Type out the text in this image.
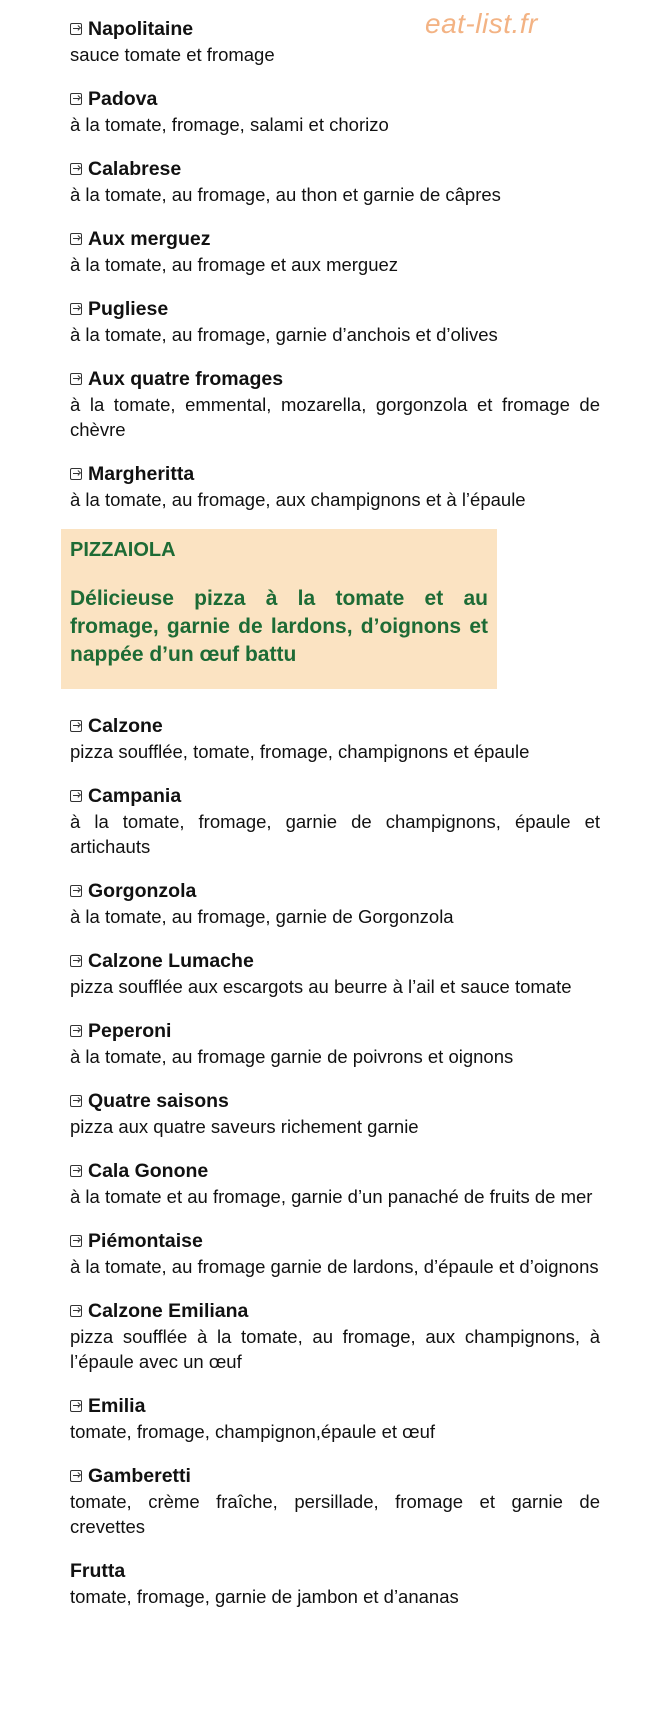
eat-list.fr
Napolitaine
sauce tomate et fromage
Padova
à la tomate, fromage, salami et chorizo
Calabrese
à la tomate, au fromage, au thon et garnie de câpres
Aux merguez
à la tomate, au fromage et aux merguez
Pugliese
à la tomate, au fromage, garnie d’anchois et d’olives
Aux quatre fromages
à la tomate, emmental, mozarella, gorgonzola et fromage de chèvre
Margheritta
à la tomate, au fromage, aux champignons et à l’épaule
PIZZAIOLA
Délicieuse pizza à la tomate et au fromage, garnie de lardons, d’oignons et nappée d’un œuf battu
Calzone
pizza soufflée, tomate, fromage, champignons et épaule
Campania
à la tomate, fromage, garnie de champignons, épaule et artichauts
Gorgonzola
à la tomate, au fromage, garnie de Gorgonzola
Calzone Lumache
pizza soufflée aux escargots au beurre à l’ail et sauce tomate
Peperoni
à la tomate, au fromage garnie de poivrons et oignons
Quatre saisons
pizza aux quatre saveurs richement garnie
Cala Gonone
à la tomate et au fromage, garnie d’un panaché de fruits de mer
Piémontaise
à la tomate, au fromage garnie de lardons, d’épaule et d’oignons
Calzone Emiliana
pizza soufflée à la tomate, au fromage, aux champignons, à l’épaule avec un œuf
Emilia
tomate, fromage, champignon,épaule et œuf
Gamberetti
tomate, crème fraîche, persillade, fromage et garnie de crevettes
Frutta
tomate, fromage, garnie de jambon et d’ananas
